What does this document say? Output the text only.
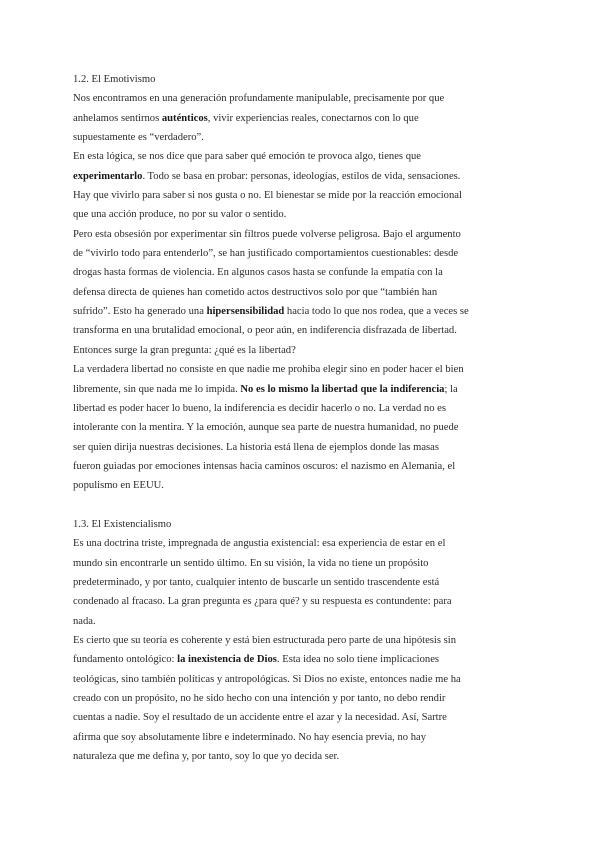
1.2. El Emotivismo
Nos encontramos en una generación profundamente manipulable, precisamente por que
anhelamos sentirnos auténticos, vivir experiencias reales, conectarnos con lo que
supuestamente es “verdadero”.
En esta lógica, se nos dice que para saber qué emoción te provoca algo, tienes que
experimentarlo. Todo se basa en probar: personas, ideologías, estilos de vida, sensaciones.
Hay que vivirlo para saber si nos gusta o no. El bienestar se mide por la reacción emocional
que una acción produce, no por su valor o sentido.
Pero esta obsesión por experimentar sin filtros puede volverse peligrosa. Bajo el argumento
de “vivirlo todo para entenderlo”, se han justificado comportamientos cuestionables: desde
drogas hasta formas de violencia. En algunos casos hasta se confunde la empatía con la
defensa directa de quienes han cometido actos destructivos solo por que “también han
sufrido”. Esto ha generado una hipersensibilidad hacia todo lo que nos rodea, que a veces se
transforma en una brutalidad emocional, o peor aún, en indiferencia disfrazada de libertad.
Entonces surge la gran pregunta: ¿qué es la libertad?
La verdadera libertad no consiste en que nadie me prohiba elegir sino en poder hacer el bien
libremente, sin que nada me lo impida. No es lo mismo la libertad que la indiferencia; la
libertad es poder hacer lo bueno, la indiferencia es decidir hacerlo o no. La verdad no es
intolerante con la mentira. Y la emoción, aunque sea parte de nuestra humanidad, no puede
ser quien dirija nuestras decisiones. La historia está llena de ejemplos donde las masas
fueron guiadas por emociones intensas hacia caminos oscuros: el nazismo en Alemania, el
populismo en EEUU.
1.3. El Existencialismo
Es una doctrina triste, impregnada de angustia existencial: esa experiencia de estar en el
mundo sin encontrarle un sentido último. En su visión, la vida no tiene un propósito
predeterminado, y por tanto, cualquier intento de buscarle un sentido trascendente está
condenado al fracaso. La gran pregunta es ¿para qué? y su respuesta es contundente: para
nada.
Es cierto que su teoría es coherente y está bien estructurada pero parte de una hipótesis sin
fundamento ontológico: la inexistencia de Dios. Esta idea no solo tiene implicaciones
teológicas, sino también políticas y antropológicas. Si Dios no existe, entonces nadie me ha
creado con un propósito, no he sido hecho con una intención y por tanto, no debo rendir
cuentas a nadie. Soy el resultado de un accidente entre el azar y la necesidad. Así, Sartre
afirma que soy absolutamente libre e indeterminado. No hay esencia previa, no hay
naturaleza que me defina y, por tanto, soy lo que yo decida ser.
